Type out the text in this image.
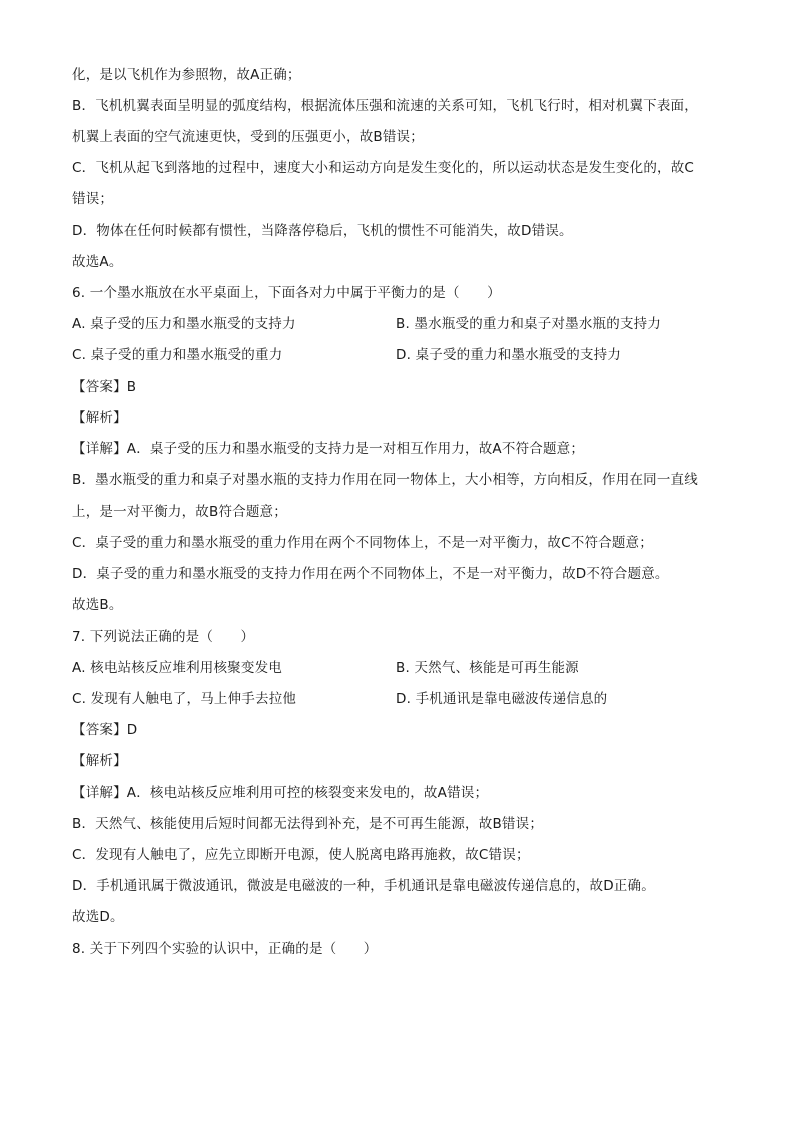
化，是以飞机作为参照物，故A正确；
B．飞机机翼表面呈明显的弧度结构，根据流体压强和流速的关系可知，飞机飞行时，相对机翼下表面，
机翼上表面的空气流速更快，受到的压强更小，故B错误；
C．飞机从起飞到落地的过程中，速度大小和运动方向是发生变化的，所以运动状态是发生变化的，故C
错误；
D．物体在任何时候都有惯性，当降落停稳后，飞机的惯性不可能消失，故D错误。
故选A。
6. 一个墨水瓶放在水平桌面上，下面各对力中属于平衡力的是（　　）
A. 桌子受的压力和墨水瓶受的支持力	B. 墨水瓶受的重力和桌子对墨水瓶的支持力
C. 桌子受的重力和墨水瓶受的重力	D. 桌子受的重力和墨水瓶受的支持力
【答案】B
【解析】
【详解】A．桌子受的压力和墨水瓶受的支持力是一对相互作用力，故A不符合题意；
B．墨水瓶受的重力和桌子对墨水瓶的支持力作用在同一物体上，大小相等，方向相反，作用在同一直线
上，是一对平衡力，故B符合题意；
C．桌子受的重力和墨水瓶受的重力作用在两个不同物体上，不是一对平衡力，故C不符合题意；
D．桌子受的重力和墨水瓶受的支持力作用在两个不同物体上，不是一对平衡力，故D不符合题意。
故选B。
7. 下列说法正确的是（　　）
A. 核电站核反应堆利用核聚变发电	B. 天然气、核能是可再生能源
C. 发现有人触电了，马上伸手去拉他	D. 手机通讯是靠电磁波传递信息的
【答案】D
【解析】
【详解】A．核电站核反应堆利用可控的核裂变来发电的，故A错误；
B．天然气、核能使用后短时间都无法得到补充，是不可再生能源，故B错误；
C．发现有人触电了，应先立即断开电源，使人脱离电路再施救，故C错误；
D．手机通讯属于微波通讯，微波是电磁波的一种，手机通讯是靠电磁波传递信息的，故D正确。
故选D。
8. 关于下列四个实验的认识中，正确的是（　　）
